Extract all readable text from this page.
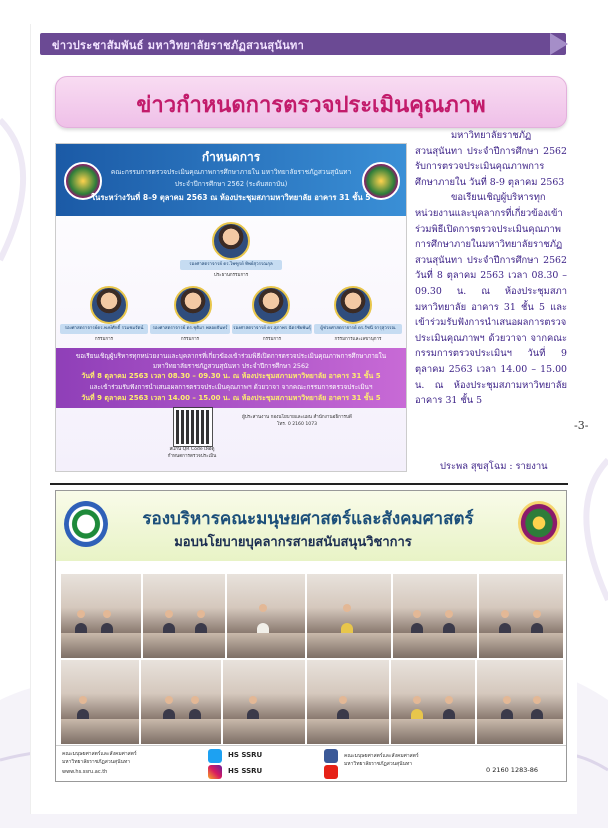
ข่าวประชาสัมพันธ์ มหาวิทยาลัยราชภัฏสวนสุนันทา
ข่าวกำหนดการตรวจประเมินคุณภาพ
กำหนดการ
คณะกรรมการตรวจประเมินคุณภาพการศึกษาภายใน มหาวิทยาลัยราชภัฏสวนสุนันทา
ประจำปีการศึกษา 2562 (ระดับสถาบัน)
ในระหว่างวันที่ 8–9 ตุลาคม 2563 ณ ห้องประชุมสภามหาวิทยาลัย อาคาร 31 ชั้น 5
รองศาสตราจารย์ ดร.ไพฑูรย์ ทิพย์สุวรรณกุล
ประธานกรรมการ
รองศาสตราจารย์ดร.พงษ์ศักดิ์ รวมชมรัตน์	รองศาสตราจารย์ ดร.ชุติมา พลอยจันทร์	รองศาสตราจารย์ ดร.สุภาพร ฉัตรชัยพันธุ์	ผู้ช่วยศาสตราจารย์ ดร.รัชนี จารุสุวรรณ
กรรมการ	กรรมการ	กรรมการ	กรรมการและเลขานุการ
ขอเรียนเชิญผู้บริหารทุกหน่วยงานและบุคลากรที่เกี่ยวข้องเข้าร่วมพิธีเปิดการตรวจประเมินคุณภาพการศึกษาภายใน
มหาวิทยาลัยราชภัฏสวนสุนันทา ประจำปีการศึกษา 2562
วันที่ 8 ตุลาคม 2563 เวลา 08.30 – 09.30 น. ณ ห้องประชุมสภามหาวิทยาลัย อาคาร 31 ชั้น 5
และเข้าร่วมรับฟังการนำเสนอผลการตรวจประเมินคุณภาพฯ ด้วยวาจา จากคณะกรรมการตรวจประเมินฯ
วันที่ 9 ตุลาคม 2563 เวลา 14.00 – 15.00 น. ณ ห้องประชุมสภามหาวิทยาลัย อาคาร 31 ชั้น 5
สแกน QR Code เพื่อดูกำหนดการตรวจประเมิน
ผู้ประสานงาน กองนโยบายและแผน สำนักงานอธิการบดี โทร. 0 2160 1073

มหาวิทยาลัยราชภัฏสวนสุนันทา ประจำปีการศึกษา 2562 รับการตรวจประเมินคุณภาพการศึกษาภายใน วันที่ 8-9 ตุลาคม 2563

ขอเรียนเชิญผู้บริหารทุกหน่วยงานและบุคลากรที่เกี่ยวข้องเข้าร่วมพิธีเปิดการตรวจประเมินคุณภาพการศึกษาภายในมหาวิทยาลัยราชภัฏสวนสุนันทา ประจำปีการศึกษา 2562 วันที่ 8 ตุลาคม 2563 เวลา 08.30 – 09.30 น. ณ ห้องประชุมสภามหาวิทยาลัย อาคาร 31 ชั้น 5 และเข้าร่วมรับฟังการนำเสนอผลการตรวจประเมินคุณภาพฯ ด้วยวาจา จากคณะกรรมการตรวจประเมินฯ วันที่ 9 ตุลาคม 2563 เวลา 14.00 – 15.00 น. ณ ห้องประชุมสภามหาวิทยาลัย อาคาร 31 ชั้น 5

ประพล สุขสุโฉม : รายงาน
-3-
รองบริหารคณะมนุษยศาสตร์และสังคมศาสตร์
มอบนโยบายบุคลากรสายสนับสนุนวิชาการ
คณะมนุษยศาสตร์และสังคมศาสตร์
มหาวิทยาลัยราชภัฏสวนสุนันทา
www.hs.ssru.ac.th
HS SSRU
HS SSRU
คณะมนุษยศาสตร์และสังคมศาสตร์
มหาวิทยาลัยราชภัฏสวนสุนันทา
0 2160 1283-86
